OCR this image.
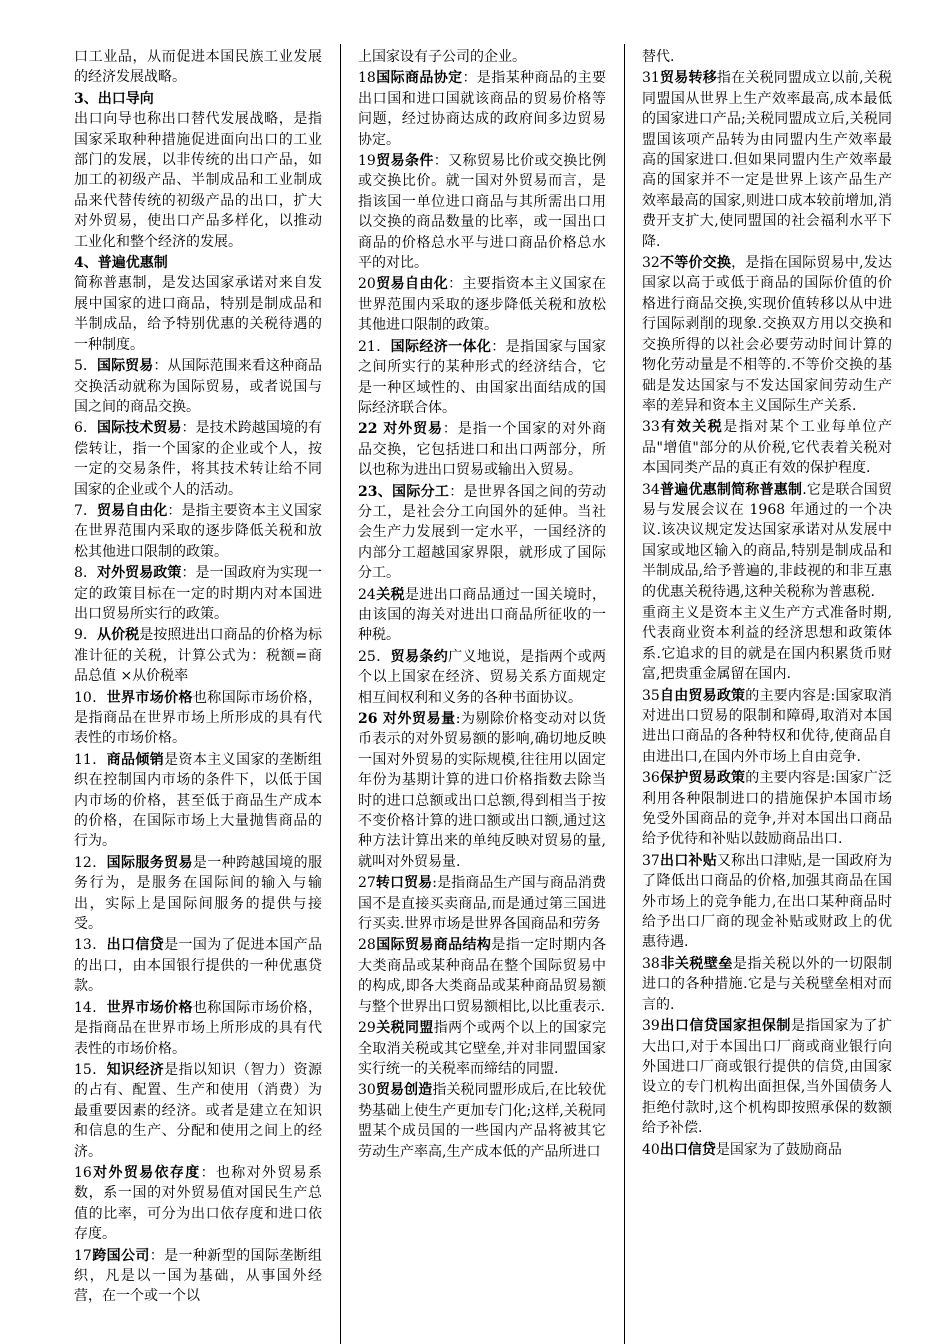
口工业品，从而促进本国民族工业发展的经济发展战略。
3、出口导向
出口向导也称出口替代发展战略，是指国家采取种种措施促进面向出口的工业部门的发展，以非传统的出口产品，如加工的初级产品、半制成品和工业制成品来代替传统的初级产品的出口，扩大对外贸易，使出口产品多样化，以推动工业化和整个经济的发展。
4、普遍优惠制
简称普惠制，是发达国家承诺对来自发展中国家的进口商品，特别是制成品和半制成品，给予特别优惠的关税待遇的一种制度。
5．国际贸易：从国际范围来看这种商品交换活动就称为国际贸易，或者说国与国之间的商品交换。
6．国际技术贸易：是技术跨越国境的有偿转让，指一个国家的企业或个人，按一定的交易条件，将其技术转让给不同国家的企业或个人的活动。
7．贸易自由化：是指主要资本主义国家在世界范围内采取的逐步降低关税和放松其他进口限制的政策。
8．对外贸易政策：是一国政府为实现一定的政策目标在一定的时期内对本国进出口贸易所实行的政策。
9．从价税是按照进出口商品的价格为标准计征的关税，计算公式为：税额=商品总值 ×从价税率
10．世界市场价格也称国际市场价格，是指商品在世界市场上所形成的具有代表性的市场价格。
11．商品倾销是资本主义国家的垄断组织在控制国内市场的条件下，以低于国内市场的价格，甚至低于商品生产成本的价格，在国际市场上大量抛售商品的行为。
12．国际服务贸易是一种跨越国境的服务行为，是服务在国际间的输入与输出，实际上是国际间服务的提供与接受。
13．出口信贷是一国为了促进本国产品的出口，由本国银行提供的一种优惠贷款。
14．世界市场价格也称国际市场价格，是指商品在世界市场上所形成的具有代表性的市场价格。
15．知识经济是指以知识（智力）资源的占有、配置、生产和使用（消费）为最重要因素的经济。或者是建立在知识和信息的生产、分配和使用之间上的经济。
16对外贸易依存度：也称对外贸易系数，系一国的对外贸易值对国民生产总值的比率，可分为出口依存度和进口依存度。
17跨国公司：是一种新型的国际垄断组织，凡是以一国为基础，从事国外经营，在一个或一个以
上国家设有子公司的企业。
18国际商品协定：是指某种商品的主要出口国和进口国就该商品的贸易价格等问题，经过协商达成的政府间多边贸易协定。
19贸易条件：又称贸易比价或交换比例或交换比价。就一国对外贸易而言，是指该国一单位进口商品与其所需出口用以交换的商品数量的比率，或一国出口商品的价格总水平与进口商品价格总水平的对比。
20贸易自由化：主要指资本主义国家在世界范围内采取的逐步降低关税和放松其他进口限制的政策。
21．国际经济一体化：是指国家与国家之间所实行的某种形式的经济结合，它是一种区域性的、由国家出面结成的国际经济联合体。
22 对外贸易：是指一个国家的对外商品交换，它包括进口和出口两部分，所以也称为进出口贸易或输出入贸易。
23、国际分工：是世界各国之间的劳动分工，是社会分工向国外的延伸。当社会生产力发展到一定水平，一国经济的内部分工超越国家界限，就形成了国际分工。
24关税是进出口商品通过一国关境时，由该国的海关对进出口商品所征收的一种税。
25．贸易条约广义地说，是指两个或两个以上国家在经济、贸易关系方面规定相互间权利和义务的各种书面协议。
26 对外贸易量:为剔除价格变动对以货币表示的对外贸易额的影响,确切地反映一国对外贸易的实际规模,往往用以固定年份为基期计算的进口价格指数去除当时的进口总额或出口总额,得到相当于按不变价格计算的进口额或出口额,通过这种方法计算出来的单纯反映对贸易的量,就叫对外贸易量.
27转口贸易:是指商品生产国与商品消费国不是直接买卖商品,而是通过第三国进行买卖.世界市场是世界各国商品和劳务
28国际贸易商品结构是指一定时期内各大类商品或某种商品在整个国际贸易中的构成,即各大类商品或某种商品贸易额与整个世界出口贸易额相比,以比重表示.
29关税同盟指两个或两个以上的国家完全取消关税或其它壁垒,并对非同盟国家实行统一的关税率而缔结的同盟.
30贸易创造指关税同盟形成后,在比较优势基础上使生产更加专门化;这样,关税同盟某个成员国的一些国内产品将被其它劳动生产率高,生产成本低的产品所进口
替代.
31贸易转移指在关税同盟成立以前,关税同盟国从世界上生产效率最高,成本最低的国家进口产品;关税同盟成立后,关税同盟国该项产品转为由同盟内生产效率最高的国家进口.但如果同盟内生产效率最高的国家并不一定是世界上该产品生产效率最高的国家,则进口成本较前增加,消费开支扩大,使同盟国的社会福利水平下降.
32不等价交换，是指在国际贸易中,发达国家以高于或低于商品的国际价值的价格进行商品交换,实现价值转移以从中进行国际剥削的现象.交换双方用以交换和交换所得的以社会必要劳动时间计算的物化劳动量是不相等的.不等价交换的基础是发达国家与不发达国家间劳动生产率的差异和资本主义国际生产关系.
33有效关税是指对某个工业每单位产品"增值"部分的从价税,它代表着关税对本国同类产品的真正有效的保护程度.
34普遍优惠制简称普惠制.它是联合国贸易与发展会议在 1968 年通过的一个决议.该决议规定发达国家承诺对从发展中国家或地区输入的商品,特别是制成品和半制成品,给予普遍的,非歧视的和非互惠的优惠关税待遇,这种关税称为普惠税.
重商主义是资本主义生产方式准备时期,代表商业资本利益的经济思想和政策体系.它追求的目的就是在国内积累货币财富,把贵重金属留在国内.
35自由贸易政策的主要内容是:国家取消对进出口贸易的限制和障碍,取消对本国进出口商品的各种特权和优待,使商品自由进出口,在国内外市场上自由竞争.
36保护贸易政策的主要内容是:国家广泛利用各种限制进口的措施保护本国市场免受外国商品的竞争,并对本国出口商品给予优待和补贴以鼓励商品出口.
37出口补贴又称出口津贴,是一国政府为了降低出口商品的价格,加强其商品在国外市场上的竞争能力,在出口某种商品时给予出口厂商的现金补贴或财政上的优惠待遇.
38非关税壁垒是指关税以外的一切限制进口的各种措施.它是与关税壁垒相对而言的.
39出口信贷国家担保制是指国家为了扩大出口,对于本国出口厂商或商业银行向外国进口厂商或银行提供的信贷,由国家设立的专门机构出面担保,当外国债务人拒绝付款时,这个机构即按照承保的数额给予补偿.
40出口信贷是国家为了鼓励商品
